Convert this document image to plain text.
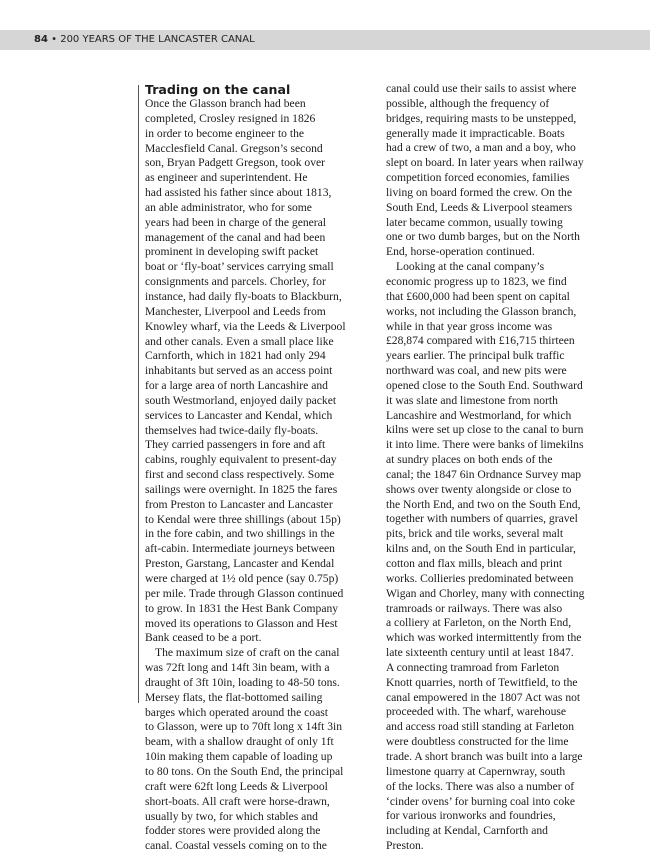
84 • 200 YEARS OF THE LANCASTER CANAL
Trading on the canal
Once the Glasson branch had been
completed, Crosley resigned in 1826
in order to become engineer to the
Macclesfield Canal. Gregson’s second
son, Bryan Padgett Gregson, took over
as engineer and superintendent. He
had assisted his father since about 1813,
an able administrator, who for some
years had been in charge of the general
management of the canal and had been
prominent in developing swift packet
boat or ‘fly-boat’ services carrying small
consignments and parcels. Chorley, for
instance, had daily fly-boats to Blackburn,
Manchester, Liverpool and Leeds from
Knowley wharf, via the Leeds & Liverpool
and other canals. Even a small place like
Carnforth, which in 1821 had only 294
inhabitants but served as an access point
for a large area of north Lancashire and
south Westmorland, enjoyed daily packet
services to Lancaster and Kendal, which
themselves had twice-daily fly-boats.
They carried passengers in fore and aft
cabins, roughly equivalent to present-day
first and second class respectively. Some
sailings were overnight. In 1825 the fares
from Preston to Lancaster and Lancaster
to Kendal were three shillings (about 15p)
in the fore cabin, and two shillings in the
aft-cabin. Intermediate journeys between
Preston, Garstang, Lancaster and Kendal
were charged at 1½ old pence (say 0.75p)
per mile. Trade through Glasson continued
to grow. In 1831 the Hest Bank Company
moved its operations to Glasson and Hest
Bank ceased to be a port.
The maximum size of craft on the canal
was 72ft long and 14ft 3in beam, with a
draught of 3ft 10in, loading to 48-50 tons.
Mersey flats, the flat-bottomed sailing
barges which operated around the coast
to Glasson, were up to 70ft long x 14ft 3in
beam, with a shallow draught of only 1ft
10in making them capable of loading up
to 80 tons. On the South End, the principal
craft were 62ft long Leeds & Liverpool
short-boats. All craft were horse-drawn,
usually by two, for which stables and
fodder stores were provided along the
canal. Coastal vessels coming on to the
canal could use their sails to assist where
possible, although the frequency of
bridges, requiring masts to be unstepped,
generally made it impracticable. Boats
had a crew of two, a man and a boy, who
slept on board. In later years when railway
competition forced economies, families
living on board formed the crew. On the
South End, Leeds & Liverpool steamers
later became common, usually towing
one or two dumb barges, but on the North
End, horse-operation continued.
Looking at the canal company’s
economic progress up to 1823, we find
that £600,000 had been spent on capital
works, not including the Glasson branch,
while in that year gross income was
£28,874 compared with £16,715 thirteen
years earlier. The principal bulk traffic
northward was coal, and new pits were
opened close to the South End. Southward
it was slate and limestone from north
Lancashire and Westmorland, for which
kilns were set up close to the canal to burn
it into lime. There were banks of limekilns
at sundry places on both ends of the
canal; the 1847 6in Ordnance Survey map
shows over twenty alongside or close to
the North End, and two on the South End,
together with numbers of quarries, gravel
pits, brick and tile works, several malt
kilns and, on the South End in particular,
cotton and flax mills, bleach and print
works. Collieries predominated between
Wigan and Chorley, many with connecting
tramroads or railways. There was also
a colliery at Farleton, on the North End,
which was worked intermittently from the
late sixteenth century until at least 1847.
A connecting tramroad from Farleton
Knott quarries, north of Tewitfield, to the
canal empowered in the 1807 Act was not
proceeded with. The wharf, warehouse
and access road still standing at Farleton
were doubtless constructed for the lime
trade. A short branch was built into a large
limestone quarry at Capernwray, south
of the locks. There was also a number of
‘cinder ovens’ for burning coal into coke
for various ironworks and foundries,
including at Kendal, Carnforth and
Preston.
